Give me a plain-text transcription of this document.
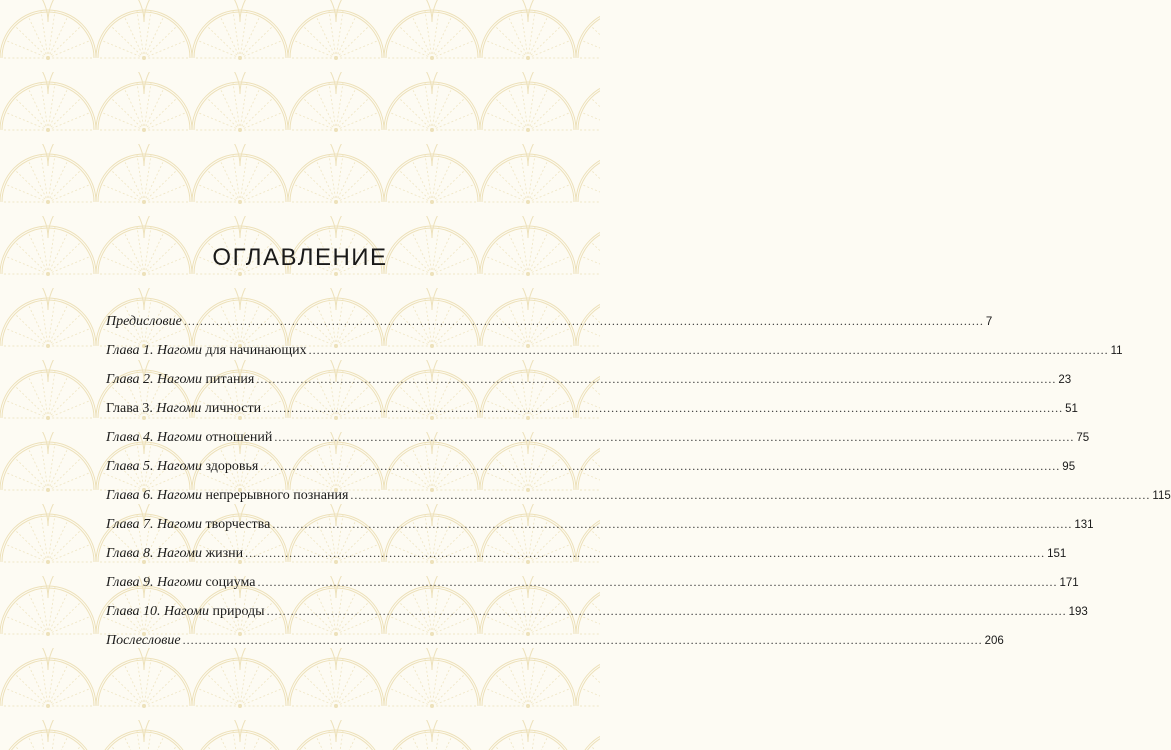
ОГЛАВЛЕНИЕ
Предисловие ........................................................................................................................................................................................................ 7
Глава 1. Нагоми для начинающих ........................................................................................................................................................................................................ 11
Глава 2. Нагоми питания ........................................................................................................................................................................................................ 23
Глава 3. Нагоми личности ........................................................................................................................................................................................................ 51
Глава 4. Нагоми отношений ........................................................................................................................................................................................................ 75
Глава 5. Нагоми здоровья ........................................................................................................................................................................................................ 95
Глава 6. Нагоми непрерывного познания ........................................................................................................................................................................................................ 115
Глава 7. Нагоми творчества ........................................................................................................................................................................................................ 131
Глава 8. Нагоми жизни ........................................................................................................................................................................................................ 151
Глава 9. Нагоми социума ........................................................................................................................................................................................................ 171
Глава 10. Нагоми природы ........................................................................................................................................................................................................ 193
Послесловие ........................................................................................................................................................................................................ 206
